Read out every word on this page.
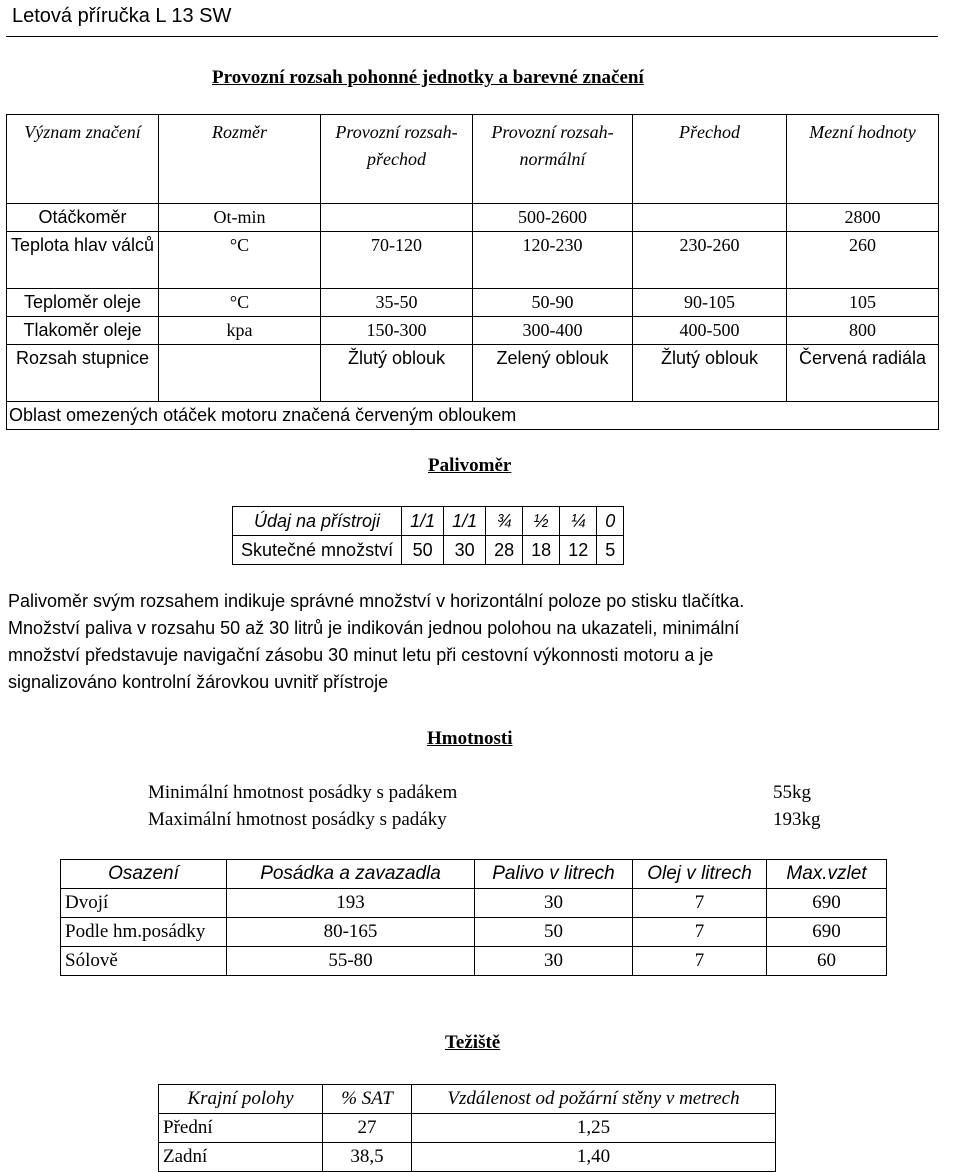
Letová příručka L 13 SW
Provozní rozsah pohonné jednotky a barevné značení
Význam značení	Rozměr	Provozní rozsah-přechod	Provozní rozsah-normální	Přechod	Mezní hodnoty
Otáčkoměr	Ot-min		500-2600		2800
Teplota hlav válců	°C	70-120	120-230	230-260	260
Teploměr oleje	°C	35-50	50-90	90-105	105
Tlakoměr oleje	kpa	150-300	300-400	400-500	800
Rozsah stupnice		Žlutý oblouk	Zelený oblouk	Žlutý oblouk	Červená radiála
Oblast omezených otáček motoru značená červeným obloukem					
Palivoměr
Údaj na přístroji	1/1	1/1	¾	½	¼	0
Skutečné množství	50	30	28	18	12	5

Palivoměr svým rozsahem indikuje správné množství v horizontální poloze po stisku tlačítka.

Množství paliva v rozsahu 50 až 30 litrů je indikován jednou polohou na ukazateli, minimální

množství představuje navigační zásobu 30 minut letu při cestovní výkonnosti motoru a je

signalizováno kontrolní žárovkou uvnitř přístroje

Hmotnosti
Minimální hmotnost posádky s padákem	55kg
Maximální hmotnost posádky s padáky	193kg
Osazení	Posádka a zavazadla	Palivo v litrech	Olej v litrech	Max.vzlet
Dvojí	193	30	7	690
Podle hm.posádky	80-165	50	7	690
Sólově	55-80	30	7	60
Težiště
Krajní polohy	% SAT	Vzdálenost od požární stěny v metrech
Přední	27	1,25
Zadní	38,5	1,40
